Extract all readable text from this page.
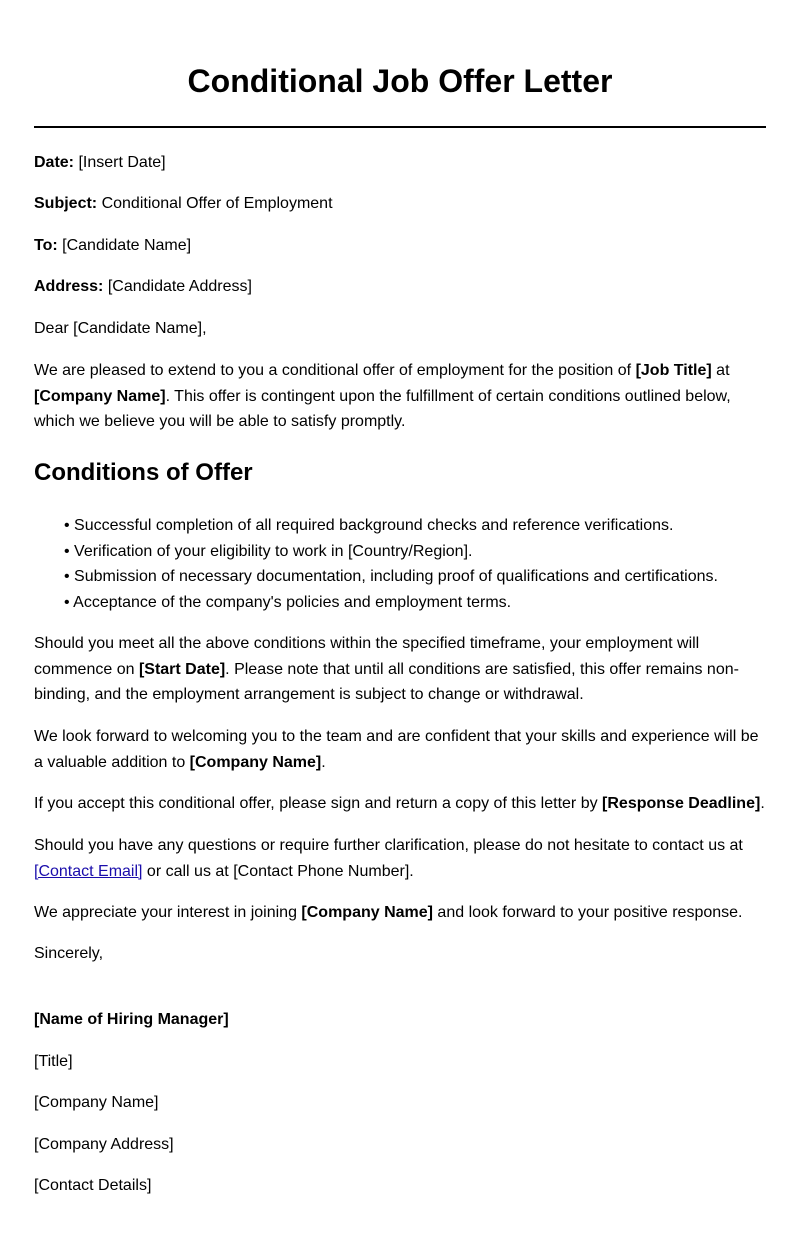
Conditional Job Offer Letter

Date: [Insert Date]

Subject: Conditional Offer of Employment

To: [Candidate Name]

Address: [Candidate Address]

Dear [Candidate Name],

We are pleased to extend to you a conditional offer of employment for the position of [Job Title] at [Company Name]. This offer is contingent upon the fulfillment of certain conditions outlined below, which we believe you will be able to satisfy promptly.

Conditions of Offer
• Successful completion of all required background checks and reference verifications.
• Verification of your eligibility to work in [Country/Region].
• Submission of necessary documentation, including proof of qualifications and certifications.
• Acceptance of the company's policies and employment terms.

Should you meet all the above conditions within the specified timeframe, your employment will commence on [Start Date]. Please note that until all conditions are satisfied, this offer remains non-binding, and the employment arrangement is subject to change or withdrawal.

We look forward to welcoming you to the team and are confident that your skills and experience will be a valuable addition to [Company Name].

If you accept this conditional offer, please sign and return a copy of this letter by [Response Deadline].

Should you have any questions or require further clarification, please do not hesitate to contact us at
[Contact Email] or call us at [Contact Phone Number].

We appreciate your interest in joining [Company Name] and look forward to your positive response.

Sincerely,

[Name of Hiring Manager]

[Title]

[Company Name]

[Company Address]

[Contact Details]
